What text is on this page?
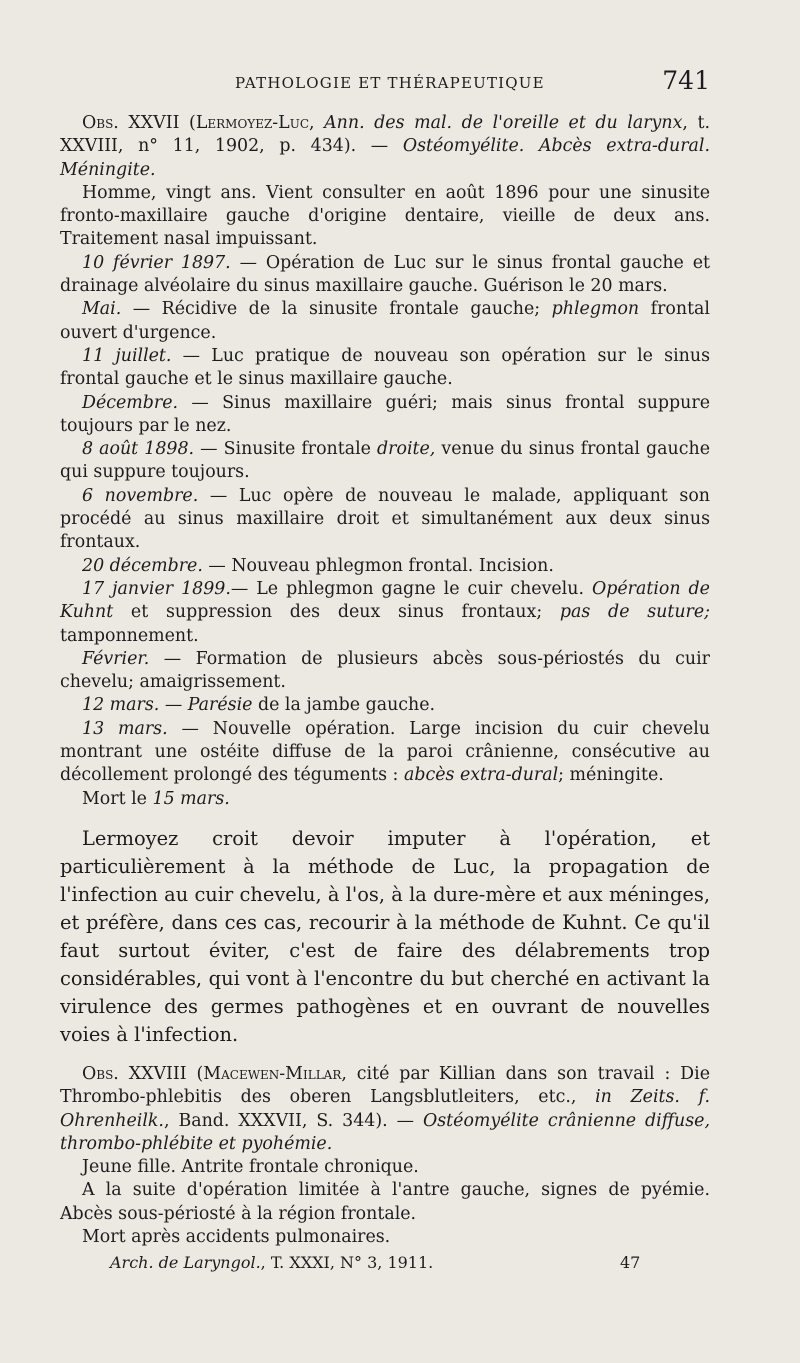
PATHOLOGIE ET THÉRAPEUTIQUE	741

Obs. XXVII (Lermoyez-Luc, Ann. des mal. de l'oreille et du larynx, t. XXVIII, n° 11, 1902, p. 434). — Ostéomyélite. Abcès extra-dural. Méningite.

Homme, vingt ans. Vient consulter en août 1896 pour une sinusite fronto-maxillaire gauche d'origine dentaire, vieille de deux ans. Traitement nasal impuissant.

10 février 1897. — Opération de Luc sur le sinus frontal gauche et drainage alvéolaire du sinus maxillaire gauche. Guérison le 20 mars.

Mai. — Récidive de la sinusite frontale gauche; phlegmon frontal ouvert d'urgence.

11 juillet. — Luc pratique de nouveau son opération sur le sinus frontal gauche et le sinus maxillaire gauche.

Décembre. — Sinus maxillaire guéri; mais sinus frontal suppure toujours par le nez.

8 août 1898. — Sinusite frontale droite, venue du sinus frontal gauche qui suppure toujours.

6 novembre. — Luc opère de nouveau le malade, appliquant son procédé au sinus maxillaire droit et simultanément aux deux sinus frontaux.

20 décembre. — Nouveau phlegmon frontal. Incision.

17 janvier 1899.— Le phlegmon gagne le cuir chevelu. Opération de Kuhnt et suppression des deux sinus frontaux; pas de suture; tamponnement.

Février. — Formation de plusieurs abcès sous-périostés du cuir chevelu; amaigrissement.

12 mars. — Parésie de la jambe gauche.

13 mars. — Nouvelle opération. Large incision du cuir chevelu montrant une ostéite diffuse de la paroi crânienne, consécutive au décollement prolongé des téguments : abcès extra-dural; méningite.

Mort le 15 mars.

Lermoyez croit devoir imputer à l'opération, et particulièrement à la méthode de Luc, la propagation de l'infection au cuir chevelu, à l'os, à la dure-mère et aux méninges, et préfère, dans ces cas, recourir à la méthode de Kuhnt. Ce qu'il faut surtout éviter, c'est de faire des délabrements trop considérables, qui vont à l'encontre du but cherché en activant la virulence des germes pathogènes et en ouvrant de nouvelles voies à l'infection.

Obs. XXVIII (Macewen-Millar, cité par Killian dans son travail : Die Thrombo-phlebitis des oberen Langsblutleiters, etc., in Zeits. f. Ohrenheilk., Band. XXXVII, S. 344). — Ostéomyélite crânienne diffuse, thrombo-phlébite et pyohémie.

Jeune fille. Antrite frontale chronique.

A la suite d'opération limitée à l'antre gauche, signes de pyémie. Abcès sous-périosté à la région frontale.

Mort après accidents pulmonaires.

Arch. de Laryngol., T. XXXI, N° 3, 1911.	47
